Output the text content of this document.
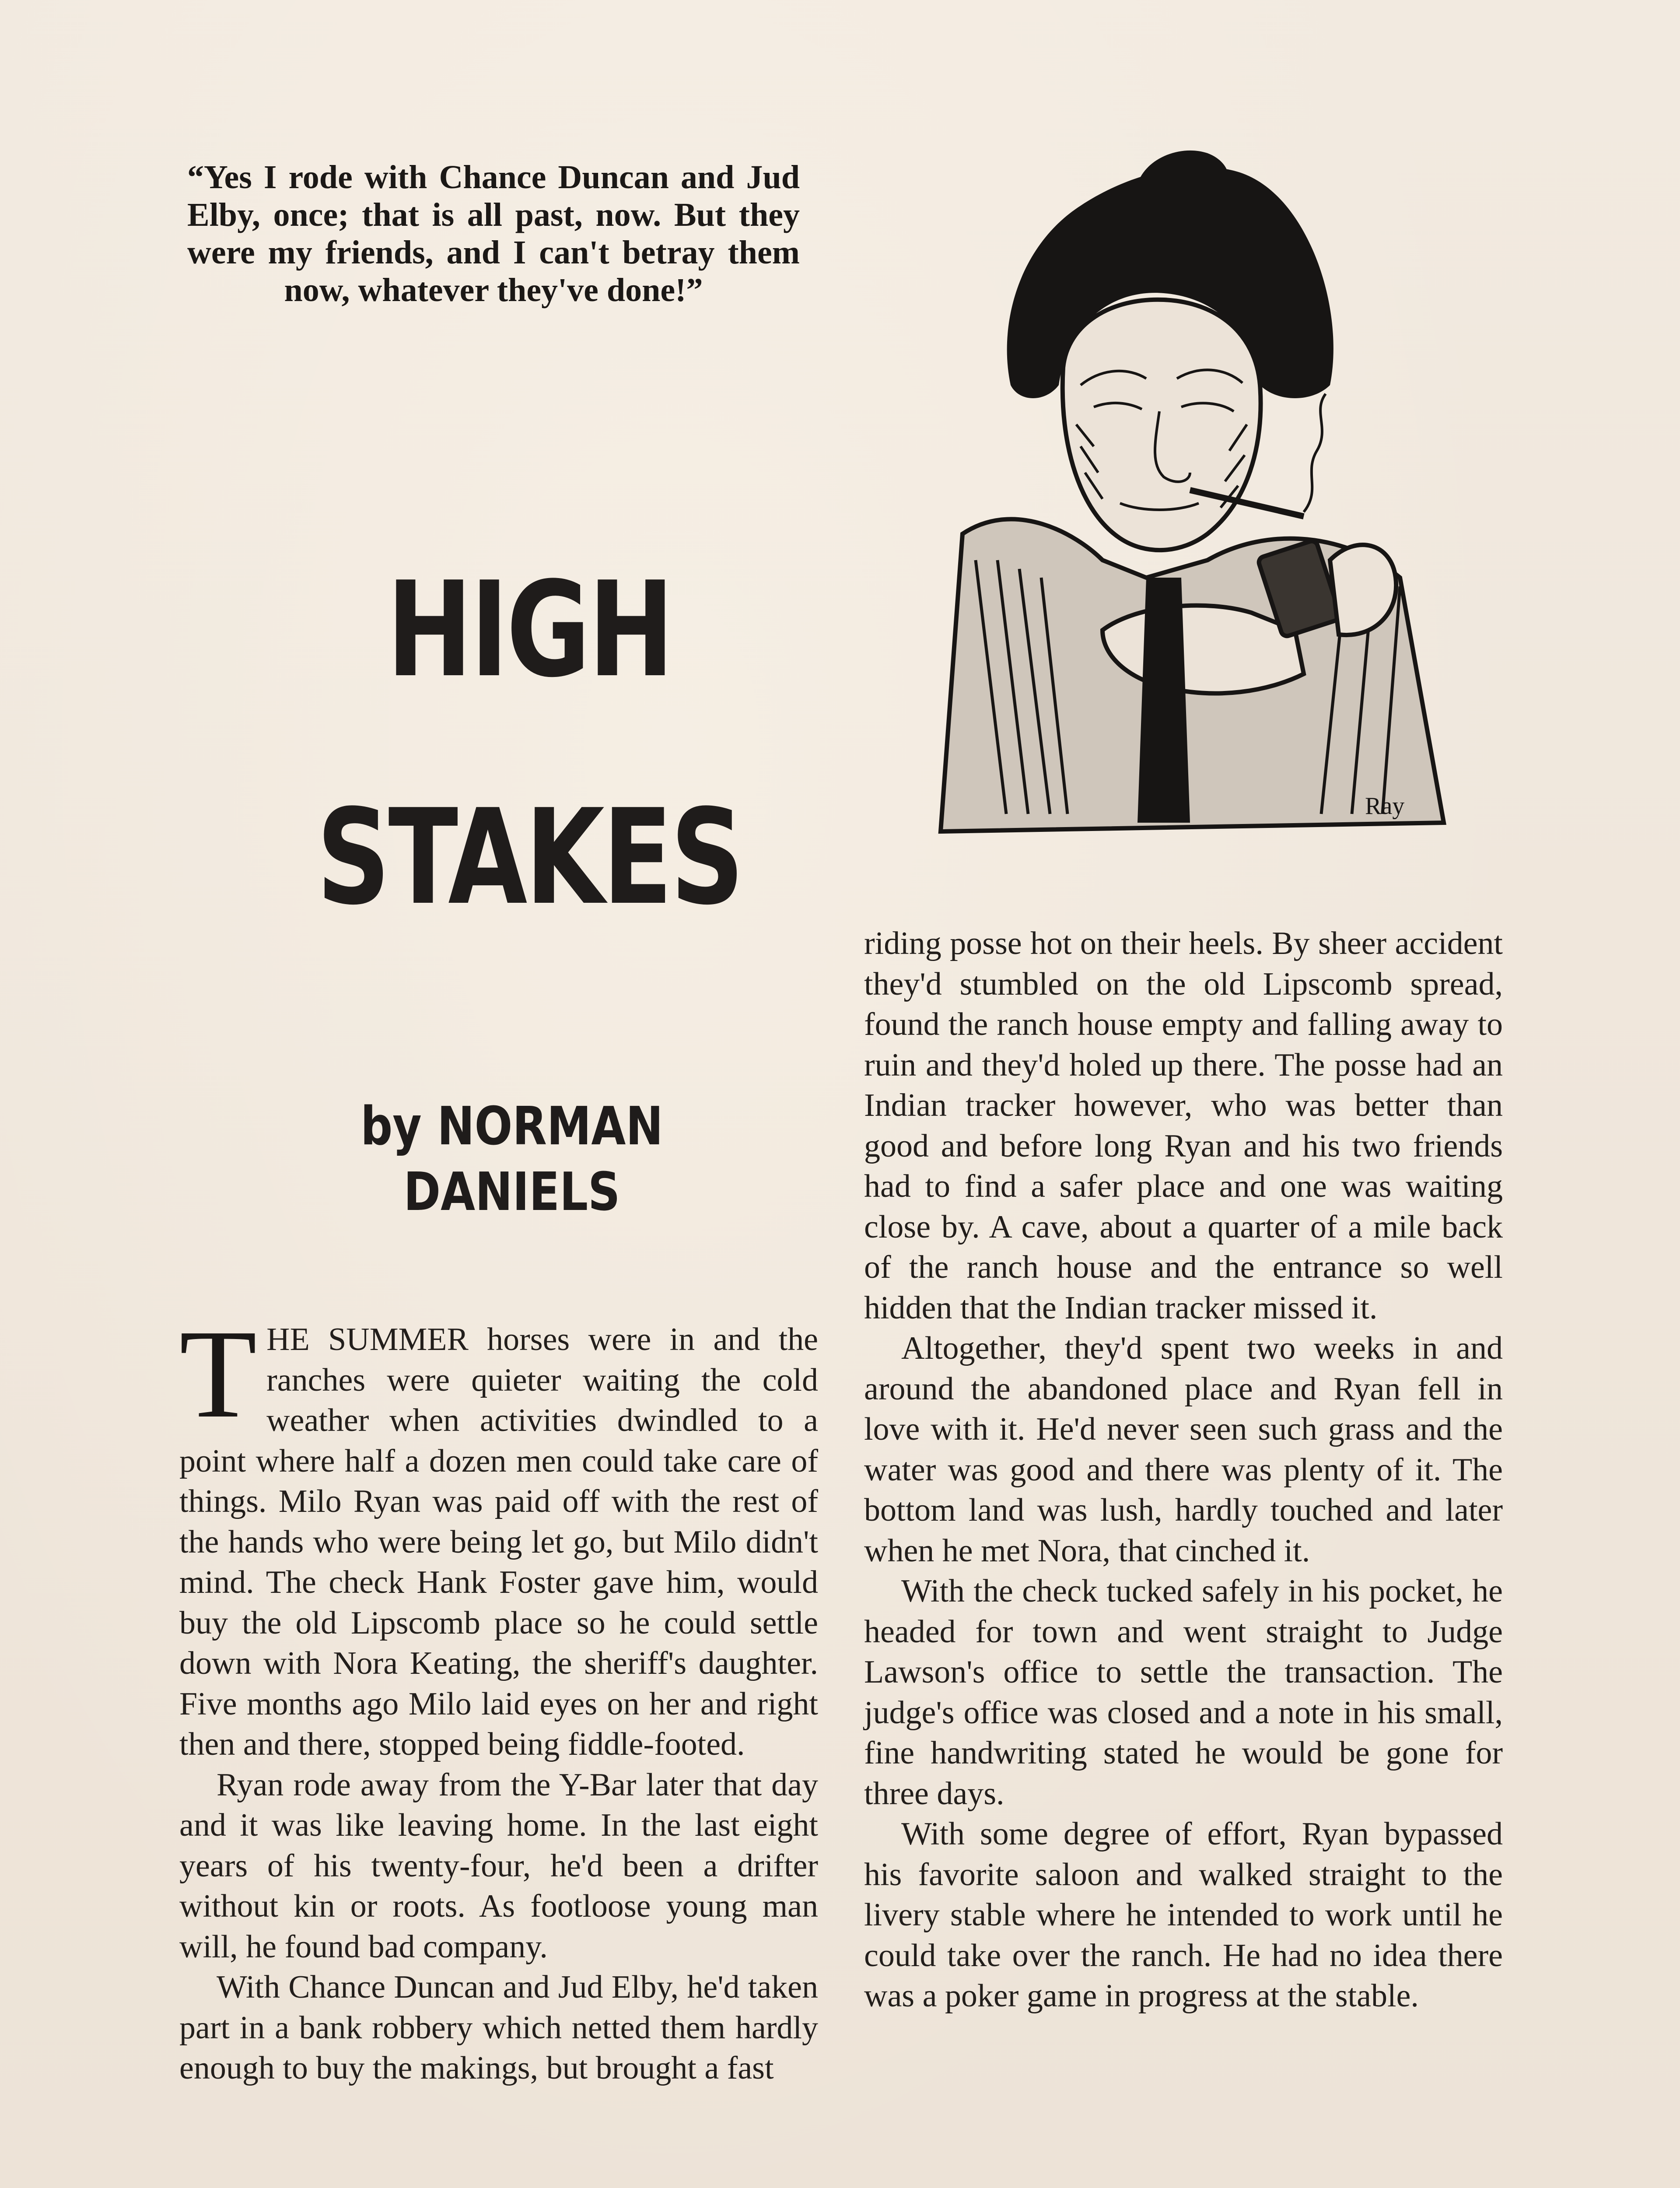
“Yes I rode with Chance Duncan and Jud Elby, once; that is all past, now. But they were my friends, and I can't betray them now, whatever they've done!”
Ray
HIGH
STAKES
by NORMAN DANIELS

THE SUMMER horses were in and the ranches were quieter waiting the cold weather when activities dwindled to a point where half a dozen men could take care of things. Milo Ryan was paid off with the rest of the hands who were being let go, but Milo didn't mind. The check Hank Foster gave him, would buy the old Lipscomb place so he could settle down with Nora Keating, the sheriff's daughter. Five months ago Milo laid eyes on her and right then and there, stopped being fiddle-footed.

Ryan rode away from the Y-Bar later that day and it was like leaving home. In the last eight years of his twenty-four, he'd been a drifter without kin or roots. As footloose young man will, he found bad company.

With Chance Duncan and Jud Elby, he'd taken part in a bank robbery which netted them hardly enough to buy the makings, but brought a fast

riding posse hot on their heels. By sheer accident they'd stumbled on the old Lipscomb spread, found the ranch house empty and falling away to ruin and they'd holed up there. The posse had an Indian tracker however, who was better than good and before long Ryan and his two friends had to find a safer place and one was waiting close by. A cave, about a quarter of a mile back of the ranch house and the entrance so well hidden that the Indian tracker missed it.

Altogether, they'd spent two weeks in and around the abandoned place and Ryan fell in love with it. He'd never seen such grass and the water was good and there was plenty of it. The bottom land was lush, hardly touched and later when he met Nora, that cinched it.

With the check tucked safely in his pocket, he headed for town and went straight to Judge Lawson's office to settle the transaction. The judge's office was closed and a note in his small, fine handwriting stated he would be gone for three days.

With some degree of effort, Ryan bypassed his favorite saloon and walked straight to the livery stable where he intended to work until he could take over the ranch. He had no idea there was a poker game in progress at the stable.
